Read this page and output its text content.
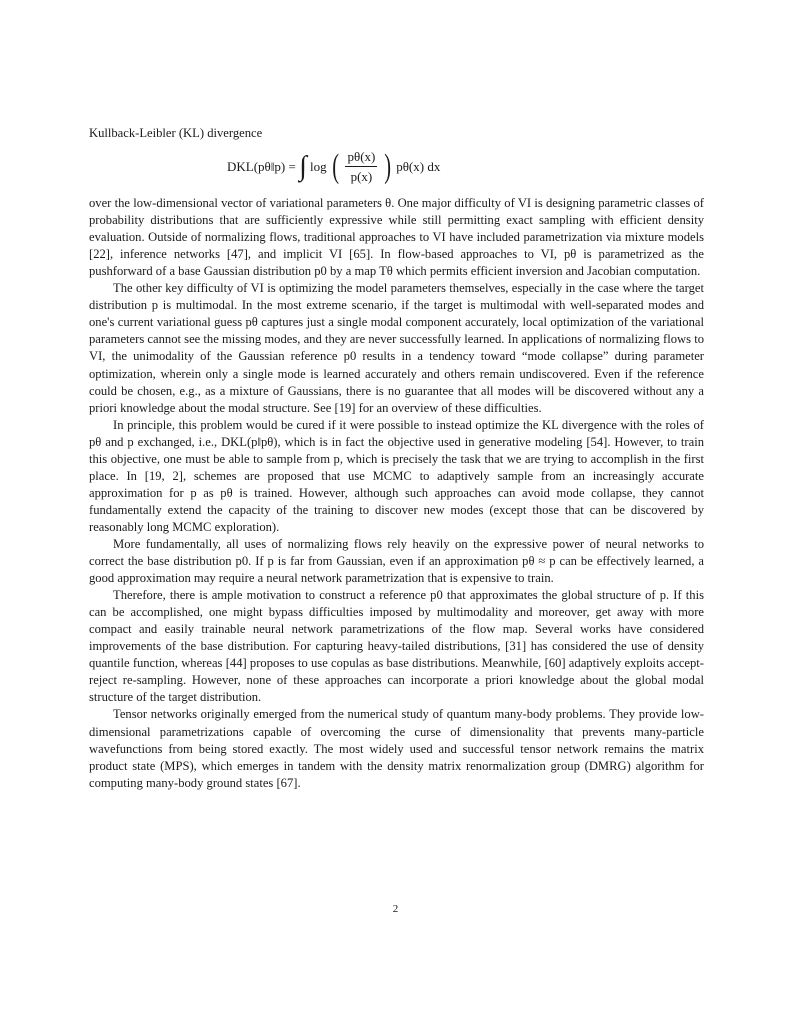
Kullback-Leibler (KL) divergence

DKL(pθ‖p) = ∫ log ( $\frac{p\theta(x)}{p(x)}$ ) pθ(x) dx

over the low-dimensional vector of variational parameters θ. One major difficulty of VI is designing parametric classes of probability distributions that are sufficiently expressive while still permitting exact sampling with efficient density evaluation. Outside of normalizing flows, traditional approaches to VI have included parametrization via mixture models [22], inference networks [47], and implicit VI [65]. In flow-based approaches to VI, pθ is parametrized as the pushforward of a base Gaussian distribution p0 by a map Tθ which permits efficient inversion and Jacobian computation.

The other key difficulty of VI is optimizing the model parameters themselves, especially in the case where the target distribution p is multimodal. In the most extreme scenario, if the target is multimodal with well-separated modes and one's current variational guess pθ captures just a single modal component accurately, local optimization of the variational parameters cannot see the missing modes, and they are never successfully learned. In applications of normalizing flows to VI, the unimodality of the Gaussian reference p0 results in a tendency toward “mode collapse” during parameter optimization, wherein only a single mode is learned accurately and others remain undiscovered. Even if the reference could be chosen, e.g., as a mixture of Gaussians, there is no guarantee that all modes will be discovered without any a priori knowledge about the modal structure. See [19] for an overview of these difficulties.

In principle, this problem would be cured if it were possible to instead optimize the KL divergence with the roles of pθ and p exchanged, i.e., DKL(p‖pθ), which is in fact the objective used in generative modeling [54]. However, to train this objective, one must be able to sample from p, which is precisely the task that we are trying to accomplish in the first place. In [19, 2], schemes are proposed that use MCMC to adaptively sample from an increasingly accurate approximation for p as pθ is trained. However, although such approaches can avoid mode collapse, they cannot fundamentally extend the capacity of the training to discover new modes (except those that can be discovered by reasonably long MCMC exploration).

More fundamentally, all uses of normalizing flows rely heavily on the expressive power of neural networks to correct the base distribution p0. If p is far from Gaussian, even if an approximation pθ ≈ p can be effectively learned, a good approximation may require a neural network parametrization that is expensive to train.

Therefore, there is ample motivation to construct a reference p0 that approximates the global structure of p. If this can be accomplished, one might bypass difficulties imposed by multimodality and moreover, get away with more compact and easily trainable neural network parametrizations of the flow map. Several works have considered improvements of the base distribution. For capturing heavy-tailed distributions, [31] has considered the use of density quantile function, whereas [44] proposes to use copulas as base distributions. Meanwhile, [60] adaptively exploits accept-reject re-sampling. However, none of these approaches can incorporate a priori knowledge about the global modal structure of the target distribution.

Tensor networks originally emerged from the numerical study of quantum many-body problems. They provide low-dimensional parametrizations capable of overcoming the curse of dimensionality that prevents many-particle wavefunctions from being stored exactly. The most widely used and successful tensor network remains the matrix product state (MPS), which emerges in tandem with the density matrix renormalization group (DMRG) algorithm for computing many-body ground states [67].

2
